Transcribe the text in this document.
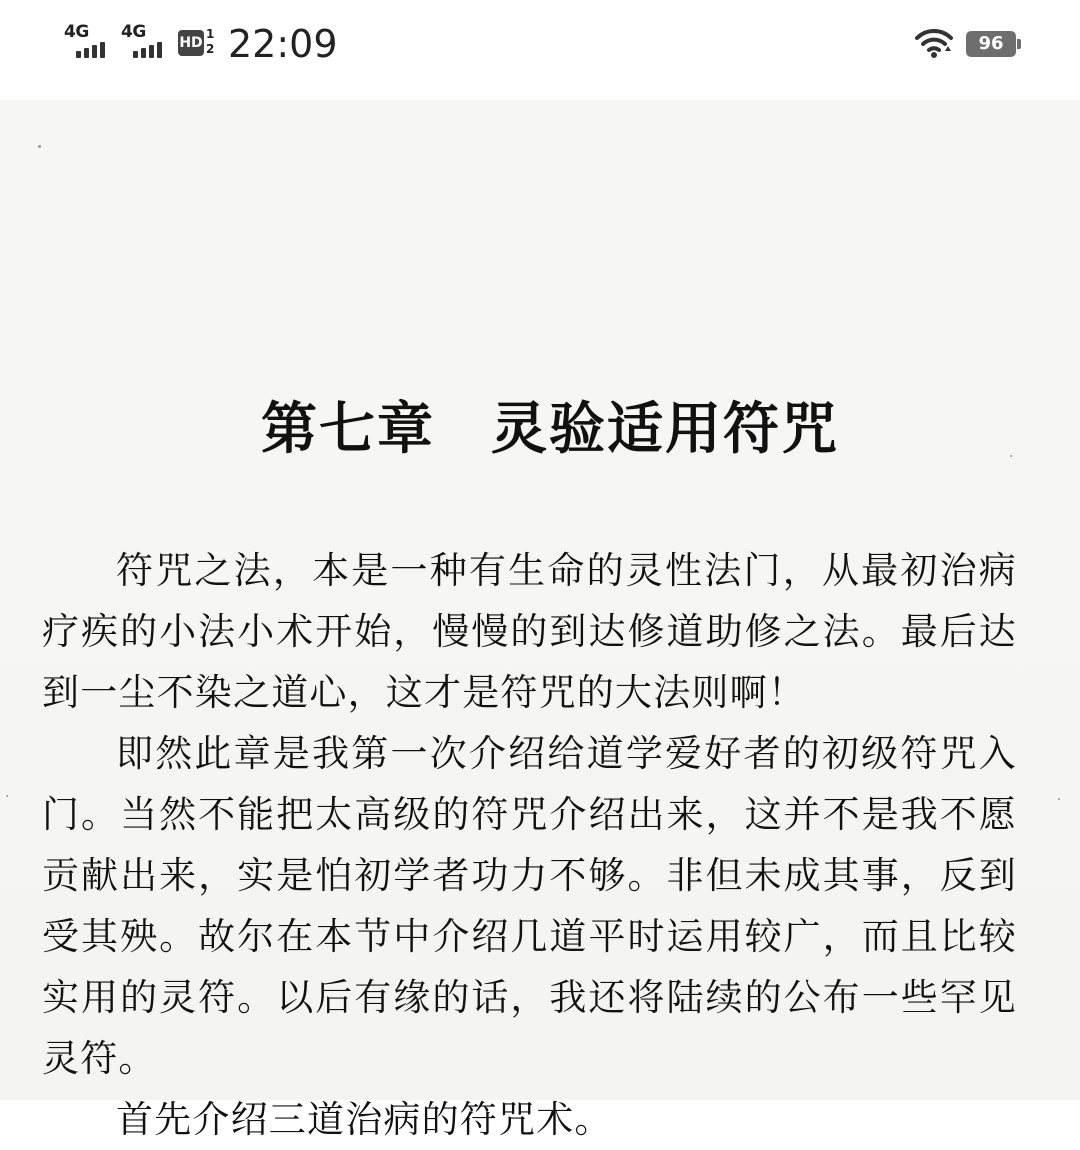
4G 4G
HD
1
2 22:09	96
第七章 灵验适用符咒

符咒之法，本是一种有生命的灵性法门，从最初治病疗疾的小法小术开始，慢慢的到达修道助修之法。最后达到一尘不染之道心，这才是符咒的大法则啊！

即然此章是我第一次介绍给道学爱好者的初级符咒入门。当然不能把太高级的符咒介绍出来，这并不是我不愿贡献出来，实是怕初学者功力不够。非但未成其事，反到受其殃。故尔在本节中介绍几道平时运用较广，而且比较实用的灵符。以后有缘的话，我还将陆续的公布一些罕见灵符。

首先介绍三道治病的符咒术。
